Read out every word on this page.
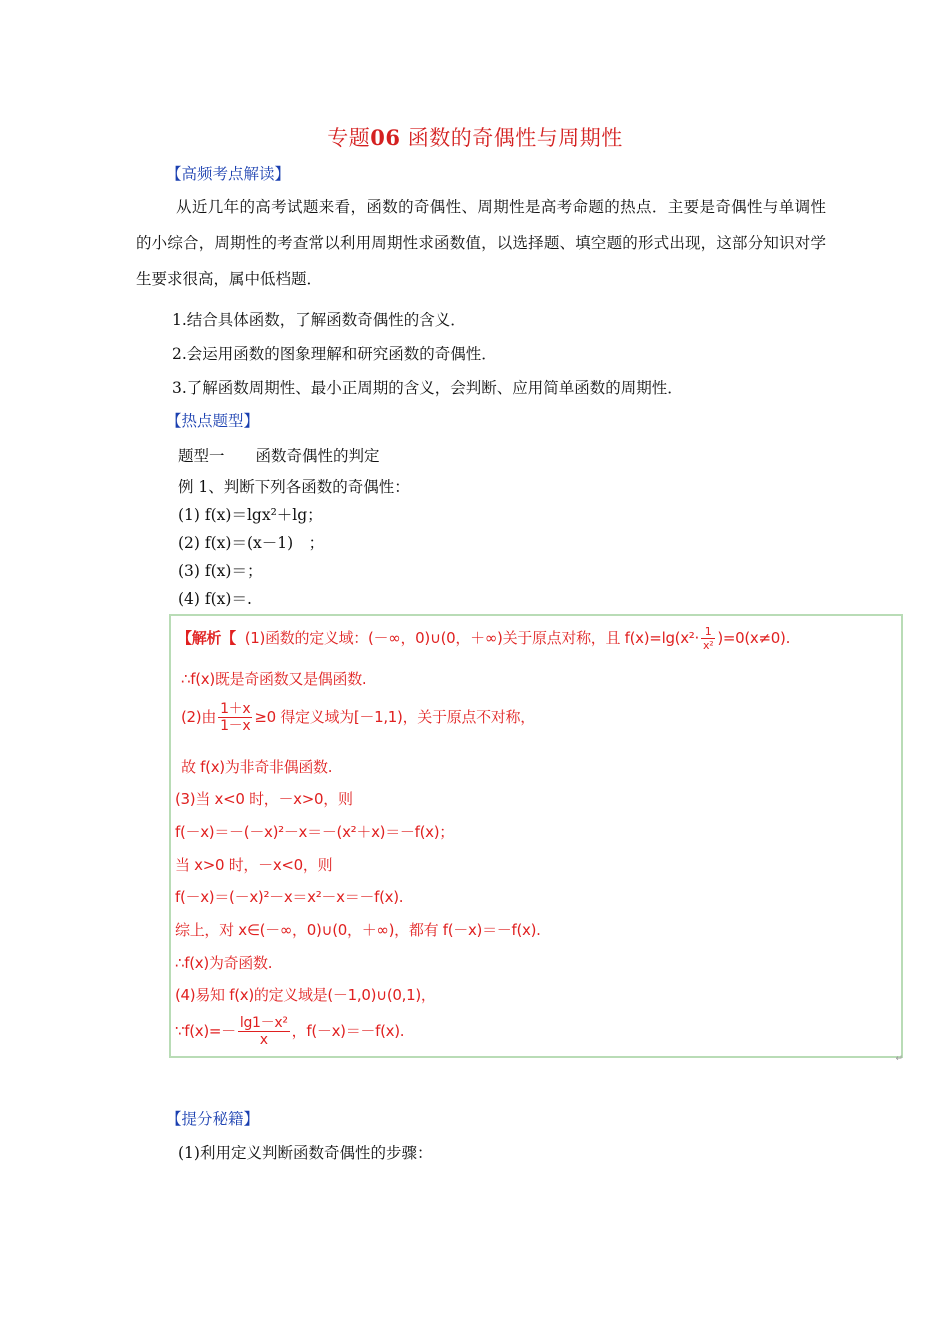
专题06 函数的奇偶性与周期性
【高频考点解读】
从近几年的高考试题来看，函数的奇偶性、周期性是高考命题的热点．主要是奇偶性与单调性的小综合，周期性的考查常以利用周期性求函数值，以选择题、填空题的形式出现，这部分知识对学生要求很高，属中低档题．
1.结合具体函数，了解函数奇偶性的含义．
2.会运用函数的图象理解和研究函数的奇偶性．
3.了解函数周期性、最小正周期的含义，会判断、应用简单函数的周期性．
【热点题型】
题型一　　函数奇偶性的判定
例 1、判断下列各函数的奇偶性：
(1) f(x)＝lgx²＋lg；
(2) f(x)＝(x－1)　；
(3) f(x)＝；
(4) f(x)＝.
【解析【 (1)函数的定义域：(－∞，0)∪(0，＋∞)关于原点对称，且 $f(x)=\lg(x^2\cdot \frac{1}{\text{x²}} )=0(x\ne 0)$.
∴f(x)既是奇函数又是偶函数.
(2)由 $\frac{1+x}{1-x} \ge 0$ 得定义域为[－1,1)，关于原点不对称，
故 f(x)为非奇非偶函数.
(3)当 x<0 时，－x>0，则
f(－x)＝－(－x)²－x＝－(x²＋x)＝－f(x)；
当 x>0 时，－x<0，则
f(－x)＝(－x)²－x＝x²－x＝－f(x).
综上，对 x∈(－∞，0)∪(0，＋∞)，都有 f(－x)＝－f(x).
∴f(x)为奇函数.
(4)易知 f(x)的定义域是(－1,0)∪(0,1)，
∵f(x)=－ $\frac{\text{lg1－x²}}{x}$ ，f(－x)＝－f(x).
↵
【提分秘籍】
(1)利用定义判断函数奇偶性的步骤：
